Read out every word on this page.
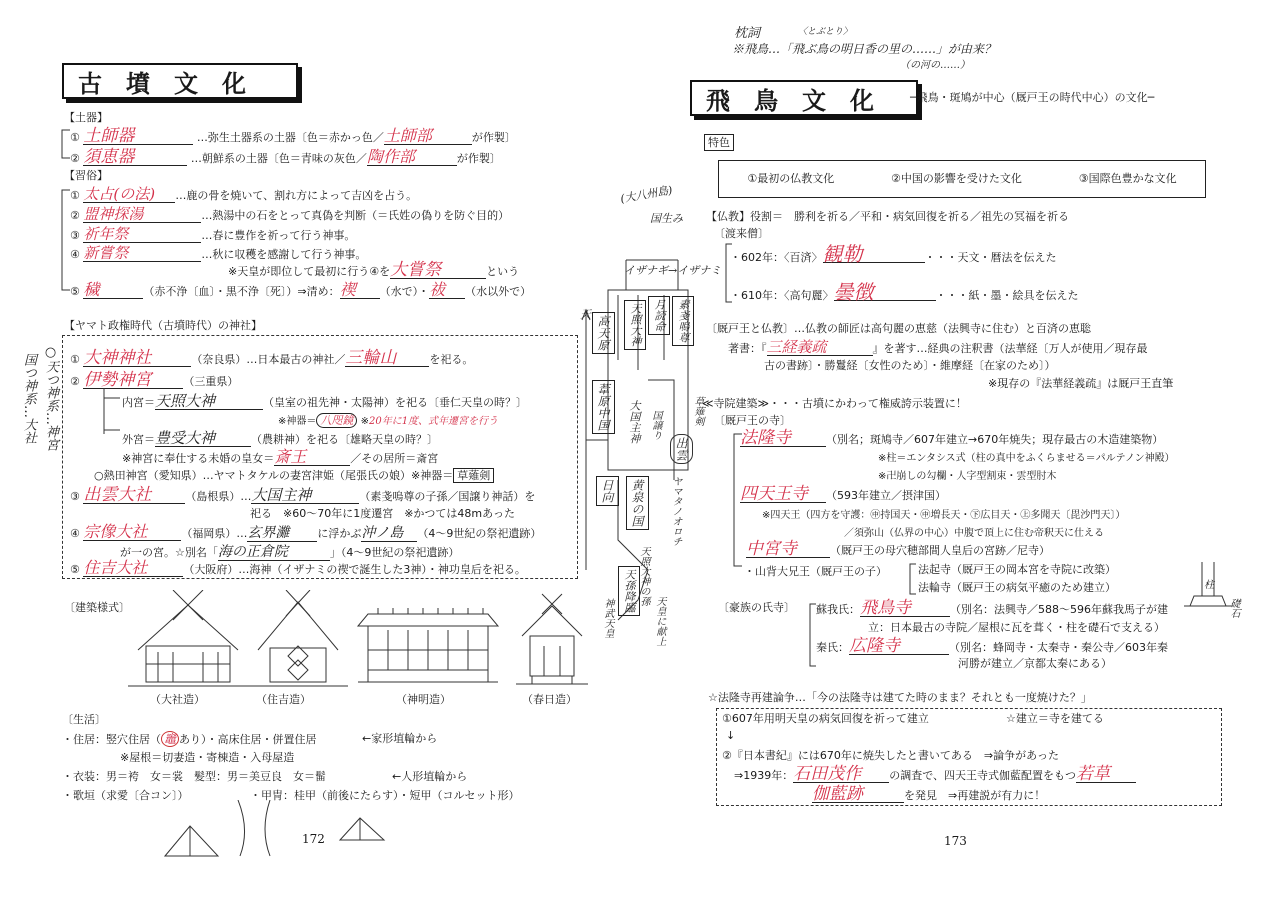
古　墳　文　化
【土器】
① 土師器	…弥生土器系の土器〔色＝赤かっ色／土師部	が作製〕
② 須恵器	…朝鮮系の土器〔色＝青味の灰色／陶作部	が作製〕
【習俗】
① 太占(の法) …鹿の骨を焼いて、割れ方によって吉凶を占う。
② 盟神探湯	…熱湯中の石をとって真偽を判断（＝氏姓の偽りを防ぐ目的）
③ 祈年祭	…春に豊作を祈って行う神事。
④ 新嘗祭	…秋に収穫を感謝して行う神事。
※天皇が即位して最初に行う④を大嘗祭	という
⑤ 穢	（赤不浄〔血〕・黒不浄〔死〕）⇒清め：禊 （水で）・祓 （水以外で）
【ヤマト政権時代（古墳時代）の神社】
① 大神神社	（奈良県）…日本最古の神社／三輪山	を祀る。
② 伊勢神宮	（三重県）
内宮＝天照大神	（皇室の祖先神・太陽神）を祀る〔垂仁天皇の時？〕
※神器＝ 八咫鏡 ※20年に1度、式年遷宮を行う
外宮＝豊受大神	（農耕神）を祀る〔雄略天皇の時？〕
※神宮に奉仕する未婚の皇女＝斎王	／その居所＝斎宮
○熱田神宮（愛知県）…ヤマトタケルの妻宮津姫（尾張氏の娘）※神器＝ 草薙剣
③ 出雲大社	（島根県）…大国主神	（素戔嗚尊の子孫／国譲り神話）を
祀る　※60〜70年に1度遷宮　※かつては48mあった
④ 宗像大社	（福岡県）…玄界灘	に浮かぶ沖ノ島 （4〜9世紀の祭祀遺跡）
が一の宮。☆別名「海の正倉院	」（4〜9世紀の祭祀遺跡）
⑤ 住吉大社	（大阪府）…海神（イザナミの禊で誕生した3神）・神功皇后を祀る。
○天つ神系…神宮
国つ神系…大社
〔建築様式〕
（大社造）	（住吉造）	（神明造）	（春日造）
〔生活〕
・住居：竪穴住居（ 竈 あり）・高床住居・併置住居	←家形埴輪から
※屋根＝切妻造・寄棟造・入母屋造
・衣装：男＝袴　女＝裳　髪型：男＝美豆良　女＝髷	←人形埴輪から
・歌垣（求愛〔合コン〕）	・甲冑：桂甲（前後にたらす）・短甲（コルセット形）
172
(大八州島)
国生み
イザナギ→イザナミ
天
高天原	天照大神	月読命	素戔嗚尊
葦原中国	大国主神 国譲り
出雲
草薙剣
黄泉の国
日向	ヤマタノオロチ
天照大神の孫
天孫降臨
神武天皇	天皇に献上
枕詞	〈とぶとり〉
※飛鳥…「飛ぶ鳥の明日香の里の……」が由来？
（の河の……）
飛　鳥　文　化	─飛鳥・斑鳩が中心（厩戸王の時代中心）の文化─
特色
①最初の仏教文化	②中国の影響を受けた文化	③国際色豊かな文化
【仏教】役割＝　勝利を祈る／平和・病気回復を祈る／祖先の冥福を祈る
〔渡来僧〕
・602年：〈百済〉観勒	・・・天文・暦法を伝えた
・610年：〈高句麗〉曇徴	・・・紙・墨・絵具を伝えた
〔厩戸王と仏教〕…仏教の師匠は高句麗の恵慈（法興寺に住む）と百済の恵聡
著書：『三経義疏	』を著す…経典の注釈書（法華経〔万人が使用／現存最
古の書跡〕・勝鬘経〔女性のため〕・維摩経〔在家のため〕）
※現存の『法華経義疏』は厩戸王直筆
≪寺院建築≫・・・古墳にかわって権威誇示装置に！
〔厩戸王の寺〕
法隆寺	（別名；斑鳩寺／607年建立→670年焼失；現存最古の木造建築物）
※柱＝エンタシス式（柱の真中をふくらませる＝パルテノン神殿）
※卍崩しの勾欄・人字型割束・雲型肘木
四天王寺 （593年建立／摂津国）
※四天王（四方を守護：㊥持国天・㊥増長天・㊦広目天・㊤多聞天〔毘沙門天〕）
／須弥山（仏界の中心）中腹で頂上に住む帝釈天に仕える
中宮寺	（厩戸王の母穴穂部間人皇后の宮跡／尼寺）
・山背大兄王（厩戸王の子）	法起寺（厩戸王の岡本宮を寺院に改築）
法輪寺（厩戸王の病気平癒のため建立）
〔豪族の氏寺〕 蘇我氏：飛鳥寺	（別名：法興寺／588〜596年蘇我馬子が建
立：日本最古の寺院／屋根に瓦を葺く・柱を礎石で支える）
秦氏：広隆寺	（別名：蜂岡寺・太秦寺・秦公寺／603年秦
河勝が建立／京都太秦にある）
柱
礎石
☆法隆寺再建論争…「今の法隆寺は建てた時のまま？それとも一度焼けた？」
①607年用明天皇の病気回復を祈って建立	☆建立＝寺を建てる
↓
②『日本書紀』には670年に焼失したと書いてある　⇒論争があった
⇒1939年：石田茂作	の調査で、四天王寺式伽藍配置をもつ若草
伽藍跡	を発見　⇒再建説が有力に！
173
